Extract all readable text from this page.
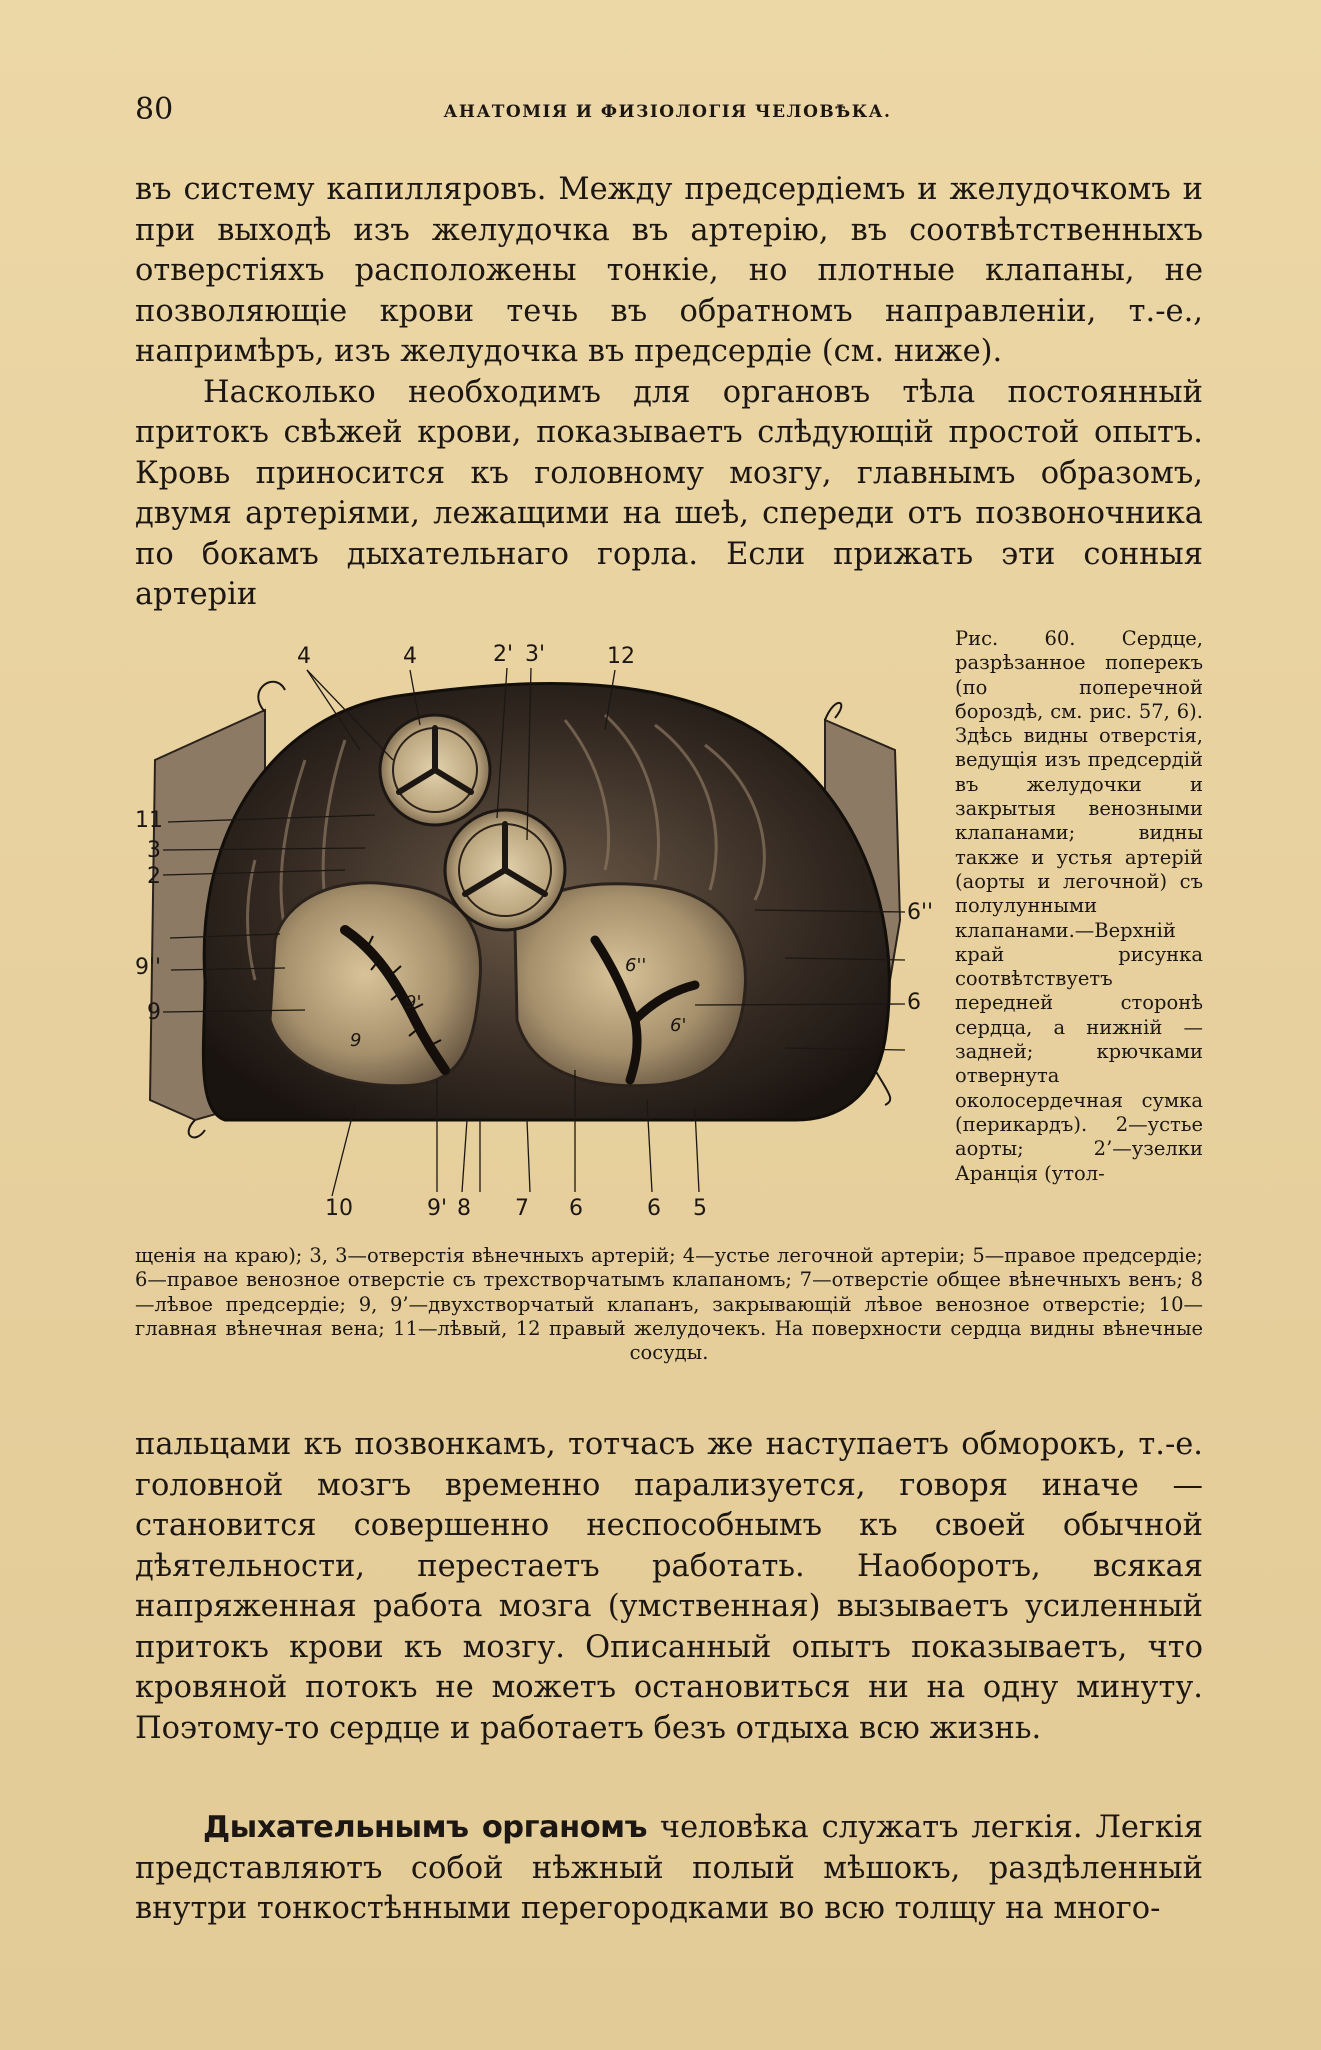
80	АНАТОМІЯ И ФИЗІОЛОГІЯ ЧЕЛОВѢКА.

въ систему капилляровъ. Между предсердіемъ и желудочкомъ и при выходѣ изъ желудочка въ артерію, въ соотвѣтственныхъ отверстіяхъ расположены тонкіе, но плотные клапаны, не позволяющіе крови течь въ обратномъ направленіи, т.-е., напримѣръ, изъ желудочка въ предсердіе (см. ниже).

Насколько необходимъ для органовъ тѣла постоянный притокъ свѣжей крови, показываетъ слѣдующій простой опытъ. Кровь приносится къ головному мозгу, главнымъ образомъ, двумя артеріями, лежащими на шеѣ, спереди отъ позвоночника по бокамъ дыхательнаго горла. Если прижать эти сонныя артеріи

4	4	2' 3'	12
11
3
2
9''
9
6''
6
10	9' 8 7 6	6 5
9'
9
6'
6''

Рис. 60. Сердце, разрѣзанное поперекъ (по поперечной бороздѣ, см. рис. 57, 6). Здѣсь видны отверстія, ведущія изъ предсердій въ желудочки и закрытыя венозными клапанами; видны также и устья артерій (аорты и легочной) съ полулунными клапанами.—Верхній край рисунка соотвѣтствуетъ передней сторонѣ сердца, а нижній — задней; крючками отвернута околосердечная сумка (перикардъ). 2—устье аорты; 2’—узелки Аранція (утол-

щенія на краю); 3, 3—отверстія вѣнечныхъ артерій; 4—устье легочной артеріи; 5—правое предсердіе; 6—правое венозное отверстіе съ трехстворчатымъ клапаномъ; 7—отверстіе общее вѣнечныхъ венъ; 8—лѣвое предсердіе; 9, 9’—двухстворчатый клапанъ, закрывающій лѣвое венозное отверстіе; 10—главная вѣнечная вена; 11—лѣвый, 12 правый желудочекъ. На поверхности сердца видны вѣнечные сосуды.

пальцами къ позвонкамъ, тотчасъ же наступаетъ обморокъ, т.-е. головной мозгъ временно парализуется, говоря иначе — становится совершенно неспособнымъ къ своей обычной дѣятельности, перестаетъ работать. Наоборотъ, всякая напряженная работа мозга (умственная) вызываетъ усиленный притокъ крови къ мозгу. Описанный опытъ показываетъ, что кровяной потокъ не можетъ остановиться ни на одну минуту. Поэтому-то сердце и работаетъ безъ отдыха всю жизнь.

Дыхательнымъ органомъ человѣка служатъ легкія. Легкія представляютъ собой нѣжный полый мѣшокъ, раздѣленный внутри тонкостѣнными перегородками во всю толщу на много-
